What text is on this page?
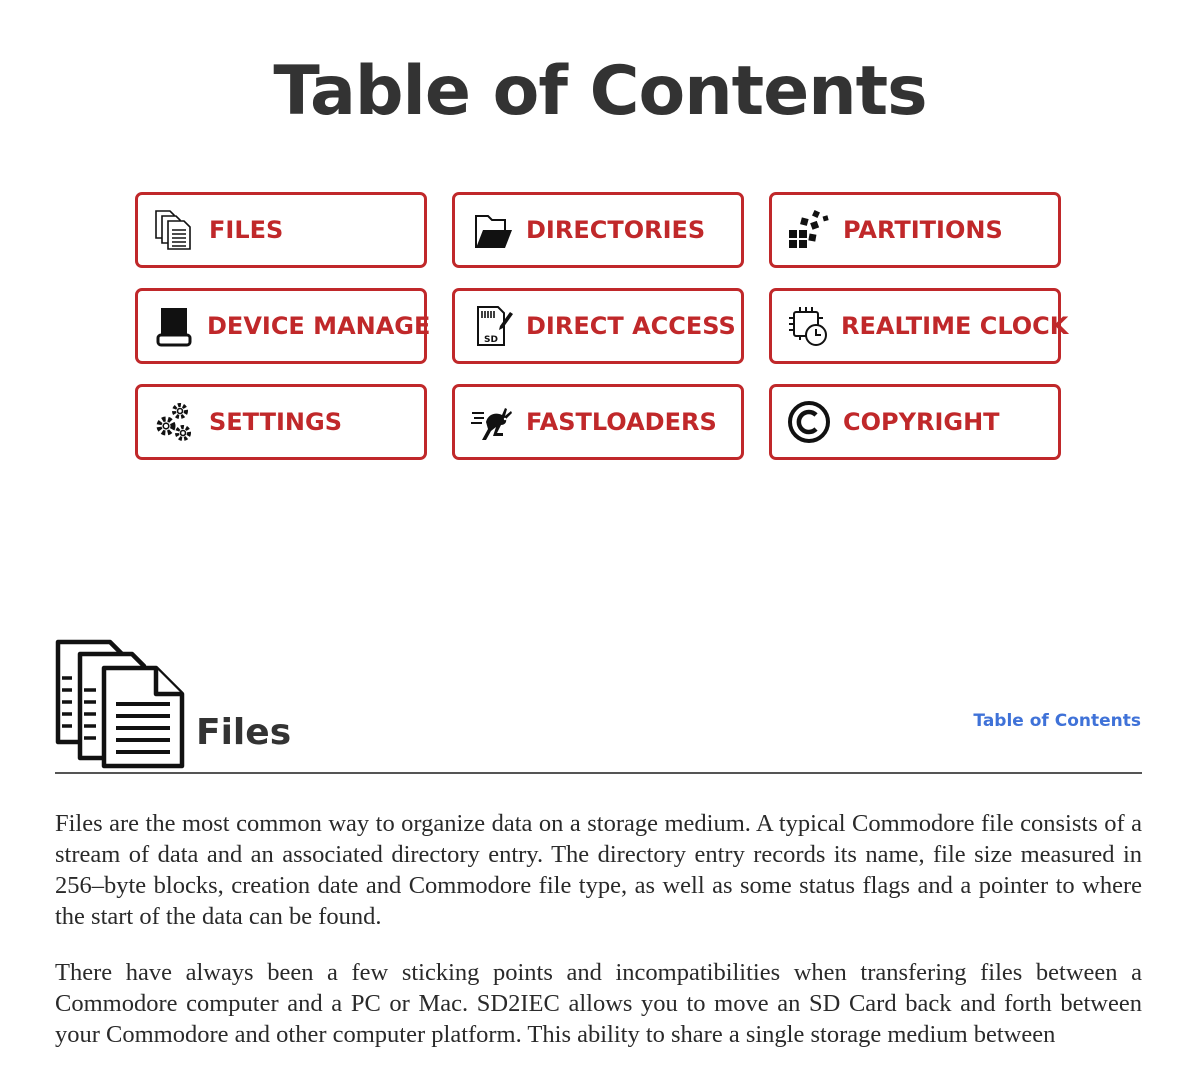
Table of Contents
FILES	DIRECTORIES	PARTITIONS
DEVICE MANAGE	SD DIRECT ACCESS	REALTIME CLOCK
SETTINGS	FASTLOADERS	COPYRIGHT
Files	Table of Contents

Files are the most common way to organize data on a storage medium. A typical Commodore file consists of a stream of data and an associated directory entry. The directory entry records its name, file size measured in 256–byte blocks, creation date and Commodore file type, as well as some status flags and a pointer to where the start of the data can be found.

There have always been a few sticking points and incompatibilities when transfering files between a Commodore computer and a PC or Mac. SD2IEC allows you to move an SD Card back and forth between your Commodore and other computer platform. This ability to share a single storage medium between
